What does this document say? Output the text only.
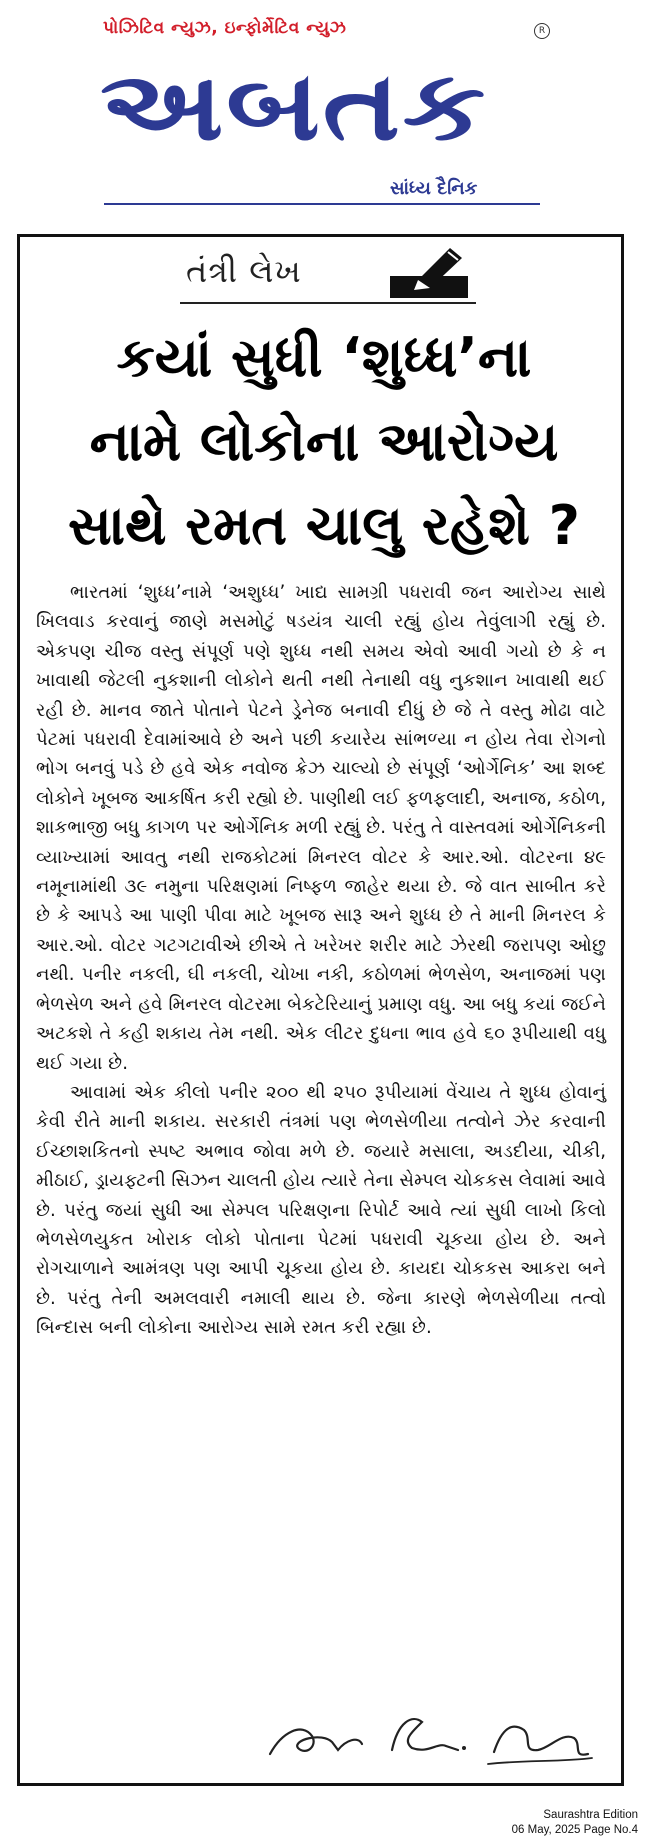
પોઝિટિવ ન્યુઝ, ઇન્ફોર્મેટિવ ન્યુઝ	R
અબતક
સાંધ્ય દૈનિક
તંત્રી લેખ
કયાં સુધી ‘શુધ્ધ’ના
નામે લોકોના આરોગ્ય
સાથે રમત ચાલુ રહેશે ?

ભારતમાં ‘શુધ્ધ’નામે ‘અશુધ્ધ’ ખાદ્ય સામગ્રી પધરાવી જન આરોગ્ય સાથે ખિલવાડ કરવાનું જાણે મસમોટું ષડયંત્ર ચાલી રહ્યું હોય તેવુંલાગી રહ્યું છે. એકપણ ચીજ વસ્તુ સંપૂર્ણ પણે શુધ્ધ નથી સમય એવો આવી ગયો છે કે ન ખાવાથી જેટલી નુકશાની લોકોને થતી નથી તેનાથી વધુ નુકશાન ખાવાથી થઈ રહી છે. માનવ જાતે પોતાને પેટને ડ્રેનેજ બનાવી દીધું છે જે તે વસ્તુ મોઢા વાટે પેટમાં પધરાવી દેવામાંઆવે છે અને પછી કયારેય સાંભળ્યા ન હોય તેવા રોગનો ભોગ બનવું પડે છે હવે એક નવોજ ક્રેઝ ચાલ્યો છે સંપૂર્ણ ‘ઓર્ગેનિક’ આ શબ્દ લોકોને ખૂબજ આકર્ષિત કરી રહ્યો છે. પાણીથી લઈ ફળફલાદી, અનાજ, કઠોળ, શાકભાજી બધુ કાગળ પર ઓર્ગેનિક મળી રહ્યું છે. પરંતુ તે વાસ્તવમાં ઓર્ગેનિકની વ્યાખ્યામાં આવતુ નથી રાજકોટમાં મિનરલ વોટર કે આર.ઓ. વોટરના ૪૯ નમૂનામાંથી ૩૯ નમુના પરિક્ષણમાં નિષ્ફળ જાહેર થયા છે. જે વાત સાબીત કરે છે કે આપડે આ પાણી પીવા માટે ખૂબજ સારૂ અને શુધ્ધ છે તે માની મિનરલ કે આર.ઓ. વોટર ગટગટાવીએ છીએ તે ખરેખર શરીર માટે ઝેરથી જરાપણ ઓછુ નથી. પનીર નકલી, ઘી નકલી, ચોખા નકી, કઠોળમાં ભેળસેળ, અનાજમાં પણ ભેળસેળ અને હવે મિનરલ વોટરમા બેકટેરિયાનું પ્રમાણ વધુ. આ બધુ કયાં જઈને અટકશે તે કહી શકાય તેમ નથી. એક લીટર દુધના ભાવ હવે ૬૦ રૂપીયાથી વધુ થઈ ગયા છે.

આવામાં એક કીલો પનીર ૨૦૦ થી ૨૫૦ રૂપીયામાં વેંચાય તે શુધ્ધ હોવાનું કેવી રીતે માની શકાય. સરકારી તંત્રમાં પણ ભેળસેળીયા તત્વોને ઝેર કરવાની ઈચ્છાશકિતનો સ્પષ્ટ અભાવ જોવા મળે છે. જયારે મસાલા, અડદીયા, ચીકી, મીઠાઈ, ડ્રાયફ્ટની સિઝન ચાલતી હોય ત્યારે તેના સેમ્પલ ચોકકસ લેવામાં આવે છે. પરંતુ જયાં સુધી આ સેમ્પલ પરિક્ષણના રિપોર્ટ આવે ત્યાં સુધી લાખો કિલો ભેળસેળયુકત ખોરાક લોકો પોતાના પેટમાં પધરાવી ચૂકયા હોય છે. અને રોગચાળાને આમંત્રણ પણ આપી ચૂકયા હોય છે. કાયદા ચોકકસ આકરા બને છે. પરંતુ તેની અમલવારી નમાલી થાય છે. જેના કારણે ભેળસેળીયા તત્વો બિન્દાસ બની લોકોના આરોગ્ય સામે રમત કરી રહ્યા છે.

Saurashtra Edition
06 May, 2025 Page No.4
